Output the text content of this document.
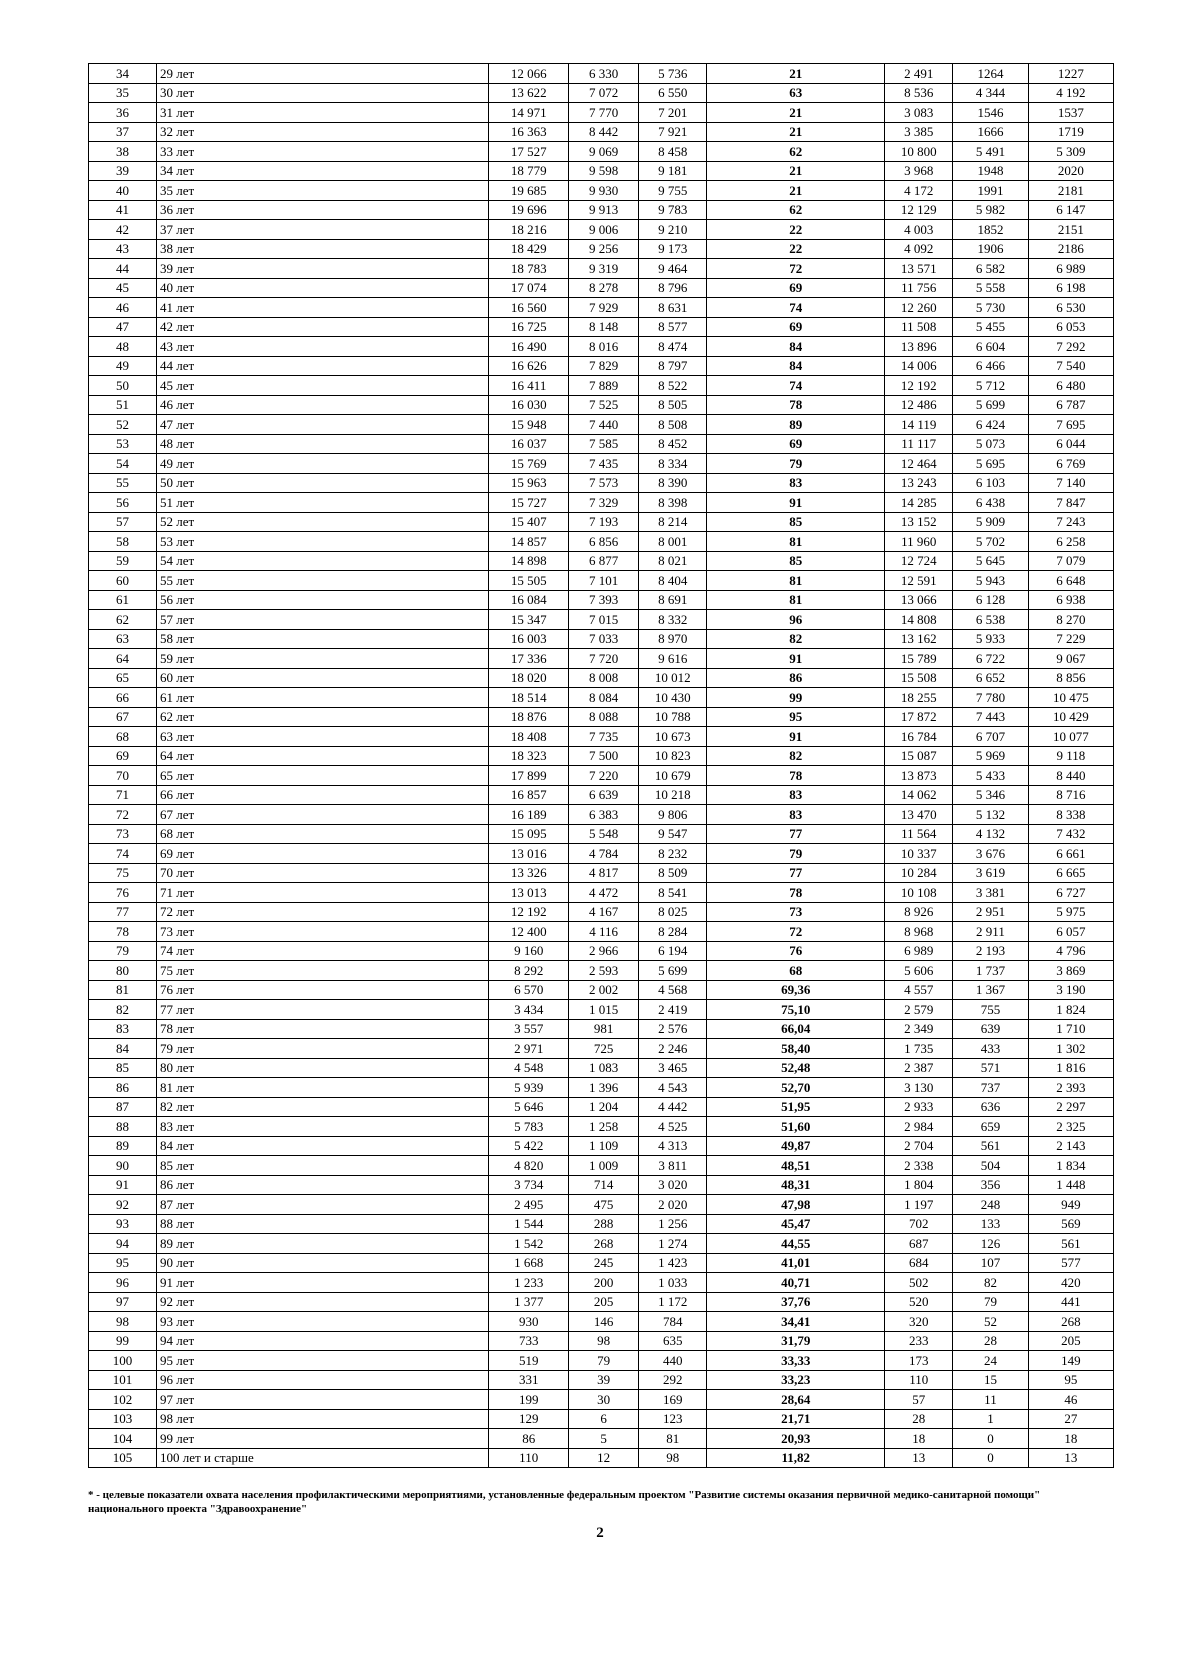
34	29 лет	12 066	6 330	5 736	21	2 491	1264	1227
35	30 лет	13 622	7 072	6 550	63	8 536	4 344	4 192
36	31 лет	14 971	7 770	7 201	21	3 083	1546	1537
37	32 лет	16 363	8 442	7 921	21	3 385	1666	1719
38	33 лет	17 527	9 069	8 458	62	10 800	5 491	5 309
39	34 лет	18 779	9 598	9 181	21	3 968	1948	2020
40	35 лет	19 685	9 930	9 755	21	4 172	1991	2181
41	36 лет	19 696	9 913	9 783	62	12 129	5 982	6 147
42	37 лет	18 216	9 006	9 210	22	4 003	1852	2151
43	38 лет	18 429	9 256	9 173	22	4 092	1906	2186
44	39 лет	18 783	9 319	9 464	72	13 571	6 582	6 989
45	40 лет	17 074	8 278	8 796	69	11 756	5 558	6 198
46	41 лет	16 560	7 929	8 631	74	12 260	5 730	6 530
47	42 лет	16 725	8 148	8 577	69	11 508	5 455	6 053
48	43 лет	16 490	8 016	8 474	84	13 896	6 604	7 292
49	44 лет	16 626	7 829	8 797	84	14 006	6 466	7 540
50	45 лет	16 411	7 889	8 522	74	12 192	5 712	6 480
51	46 лет	16 030	7 525	8 505	78	12 486	5 699	6 787
52	47 лет	15 948	7 440	8 508	89	14 119	6 424	7 695
53	48 лет	16 037	7 585	8 452	69	11 117	5 073	6 044
54	49 лет	15 769	7 435	8 334	79	12 464	5 695	6 769
55	50 лет	15 963	7 573	8 390	83	13 243	6 103	7 140
56	51 лет	15 727	7 329	8 398	91	14 285	6 438	7 847
57	52 лет	15 407	7 193	8 214	85	13 152	5 909	7 243
58	53 лет	14 857	6 856	8 001	81	11 960	5 702	6 258
59	54 лет	14 898	6 877	8 021	85	12 724	5 645	7 079
60	55 лет	15 505	7 101	8 404	81	12 591	5 943	6 648
61	56 лет	16 084	7 393	8 691	81	13 066	6 128	6 938
62	57 лет	15 347	7 015	8 332	96	14 808	6 538	8 270
63	58 лет	16 003	7 033	8 970	82	13 162	5 933	7 229
64	59 лет	17 336	7 720	9 616	91	15 789	6 722	9 067
65	60 лет	18 020	8 008	10 012	86	15 508	6 652	8 856
66	61 лет	18 514	8 084	10 430	99	18 255	7 780	10 475
67	62 лет	18 876	8 088	10 788	95	17 872	7 443	10 429
68	63 лет	18 408	7 735	10 673	91	16 784	6 707	10 077
69	64 лет	18 323	7 500	10 823	82	15 087	5 969	9 118
70	65 лет	17 899	7 220	10 679	78	13 873	5 433	8 440
71	66 лет	16 857	6 639	10 218	83	14 062	5 346	8 716
72	67 лет	16 189	6 383	9 806	83	13 470	5 132	8 338
73	68 лет	15 095	5 548	9 547	77	11 564	4 132	7 432
74	69 лет	13 016	4 784	8 232	79	10 337	3 676	6 661
75	70 лет	13 326	4 817	8 509	77	10 284	3 619	6 665
76	71 лет	13 013	4 472	8 541	78	10 108	3 381	6 727
77	72 лет	12 192	4 167	8 025	73	8 926	2 951	5 975
78	73 лет	12 400	4 116	8 284	72	8 968	2 911	6 057
79	74 лет	9 160	2 966	6 194	76	6 989	2 193	4 796
80	75 лет	8 292	2 593	5 699	68	5 606	1 737	3 869
81	76 лет	6 570	2 002	4 568	69,36	4 557	1 367	3 190
82	77 лет	3 434	1 015	2 419	75,10	2 579	755	1 824
83	78 лет	3 557	981	2 576	66,04	2 349	639	1 710
84	79 лет	2 971	725	2 246	58,40	1 735	433	1 302
85	80 лет	4 548	1 083	3 465	52,48	2 387	571	1 816
86	81 лет	5 939	1 396	4 543	52,70	3 130	737	2 393
87	82 лет	5 646	1 204	4 442	51,95	2 933	636	2 297
88	83 лет	5 783	1 258	4 525	51,60	2 984	659	2 325
89	84 лет	5 422	1 109	4 313	49,87	2 704	561	2 143
90	85 лет	4 820	1 009	3 811	48,51	2 338	504	1 834
91	86 лет	3 734	714	3 020	48,31	1 804	356	1 448
92	87 лет	2 495	475	2 020	47,98	1 197	248	949
93	88 лет	1 544	288	1 256	45,47	702	133	569
94	89 лет	1 542	268	1 274	44,55	687	126	561
95	90 лет	1 668	245	1 423	41,01	684	107	577
96	91 лет	1 233	200	1 033	40,71	502	82	420
97	92 лет	1 377	205	1 172	37,76	520	79	441
98	93 лет	930	146	784	34,41	320	52	268
99	94 лет	733	98	635	31,79	233	28	205
100	95 лет	519	79	440	33,33	173	24	149
101	96 лет	331	39	292	33,23	110	15	95
102	97 лет	199	30	169	28,64	57	11	46
103	98 лет	129	6	123	21,71	28	1	27
104	99 лет	86	5	81	20,93	18	0	18
105	100 лет и старше	110	12	98	11,82	13	0	13
* - целевые показатели охвата населения профилактическими мероприятиями, установленные федеральным проектом "Развитие системы оказания первичной медико-санитарной помощи" национального проекта "Здравоохранение"
2
